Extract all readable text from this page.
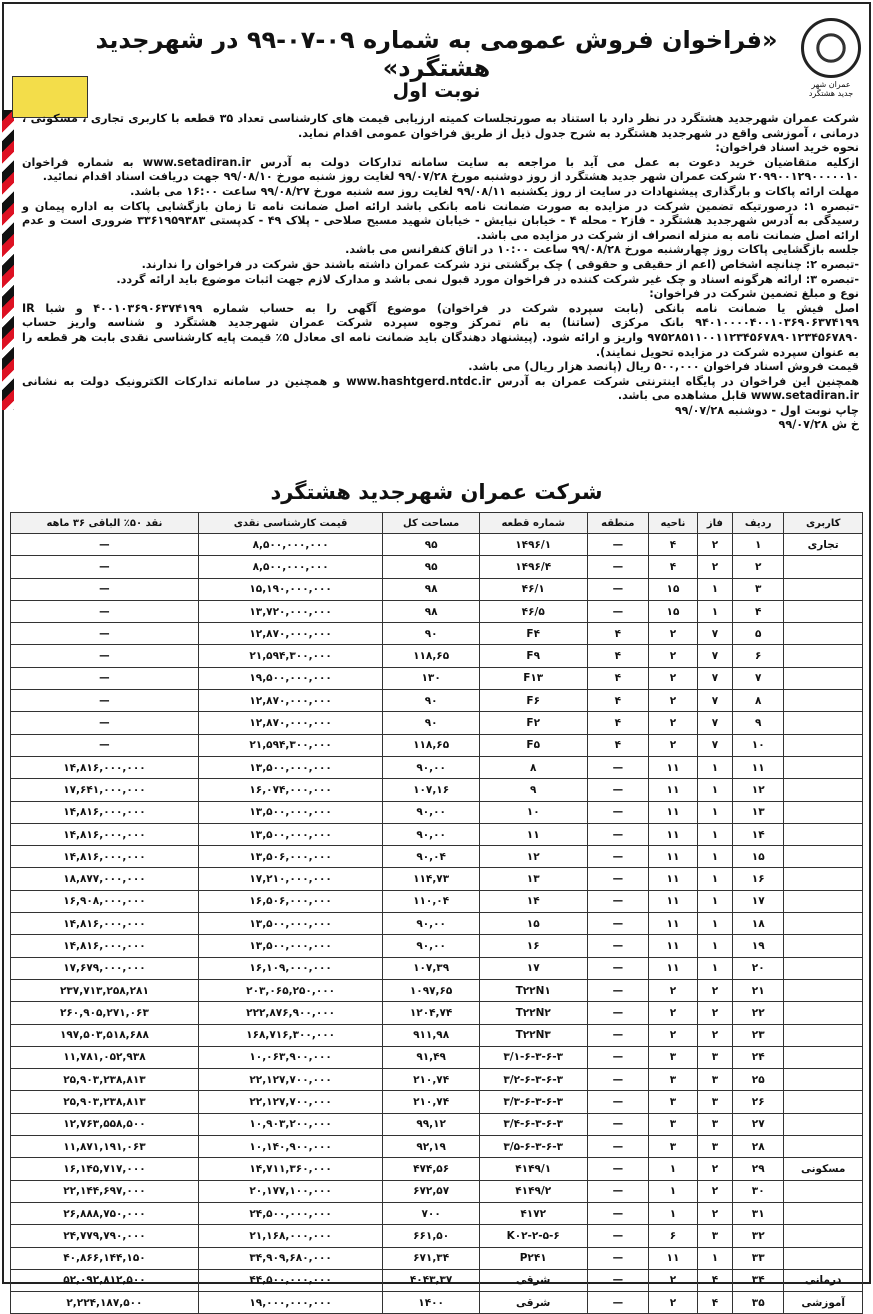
عمران شهر جدید هشتگرد
«فراخوان فروش عمومی به شماره ۰۹-۰۷-۹۹ در شهرجدید هشتگرد»
نوبت اول

شرکت عمران شهرجدید هشتگرد در نظر دارد با استناد به صورتجلسات کمیته ارزیابی قیمت های کارشناسی تعداد ۳۵ قطعه با کاربری تجاری ، مسکونی ، درمانی ، آموزشی واقع در شهرجدید هشتگرد به شرح جدول ذیل از طریق فراخوان عمومی اقدام نماید.

نحوه خرید اسناد فراخوان:

ازکلیه متقاضیان خرید دعوت به عمل می آید با مراجعه به سایت سامانه تدارکات دولت به آدرس www.setadiran.ir به شماره فراخوان ۲۰۹۹۰۰۱۲۹۰۰۰۰۰۱۰ شرکت عمران شهر جدید هشتگرد از روز دوشنبه مورخ ۹۹/۰۷/۲۸ لغایت روز شنبه مورخ ۹۹/۰۸/۱۰ جهت دریافت اسناد اقدام نمائید.

مهلت ارائه پاکات و بارگذاری پیشنهادات در سایت از روز یکشنبه ۹۹/۰۸/۱۱ لغایت روز سه شنبه مورخ ۹۹/۰۸/۲۷ ساعت ۱۶:۰۰ می باشد.

-تبصره ۱: درصورتیکه تضمین شرکت در مزایده به صورت ضمانت نامه بانکی باشد ارائه اصل ضمانت نامه تا زمان بازگشایی پاکات به اداره پیمان و رسیدگی به آدرس شهرجدید هشتگرد - فاز۲ - محله ۴ - خیابان نیایش - خیابان شهید مسیح صلاحی - پلاک ۴۹ - کدپستی ۳۳۶۱۹۵۹۳۸۳ ضروری است و عدم ارائه اصل ضمانت نامه به منزله انصراف از شرکت در مزایده می باشد.

جلسه بازگشایی پاکات روز چهارشنبه مورخ ۹۹/۰۸/۲۸ ساعت ۱۰:۰۰ در اتاق کنفرانس می باشد.

-تبصره ۲: چنانچه اشخاص (اعم از حقیقی و حقوقی ) چک برگشتی نزد شرکت عمران داشته باشند حق شرکت در فراخوان را ندارند.

-تبصره ۳: ارائه هرگونه اسناد و چک غیر شرکت کننده در فراخوان مورد قبول نمی باشد و مدارک لازم جهت اثبات موضوع باید ارائه گردد.

نوع و مبلغ تضمین شرکت در فراخوان:

اصل فیش یا ضمانت نامه بانکی (بابت سپرده شرکت در فراخوان) موضوع آگهی را به حساب شماره ۴۰۰۱۰۳۶۹۰۶۳۷۴۱۹۹ و شبا IR ۹۴۰۱۰۰۰۰۴۰۰۱۰۳۶۹۰۶۳۷۴۱۹۹ بانک مرکزی (ساتنا) به نام تمرکز وجوه سپرده شرکت عمران شهرجدید هشتگرد و شناسه واریز حساب ۹۷۵۲۸۵۱۱۰۰۱۱۲۳۴۵۶۷۸۹۰۱۲۳۴۵۶۷۸۹۰ واریز و ارائه شود. (پیشنهاد دهندگان باید ضمانت نامه ای معادل ۵٪ قیمت پایه کارشناسی نقدی بابت هر قطعه را به عنوان سپرده شرکت در مزایده تحویل نمایند).

قیمت فروش اسناد فراخوان ۵۰۰,۰۰۰ ریال (پانصد هزار ریال) می باشد.

همچنین این فراخوان در پایگاه اینترنتی شرکت عمران به آدرس www.hashtgerd.ntdc.ir و همچنین در سامانه تدارکات الکترونیک دولت به نشانی www.setadiran.ir قابل مشاهده می باشد.

چاپ نوبت اول - دوشنبه ۹۹/۰۷/۲۸

خ ش ۹۹/۰۷/۲۸

شرکت عمران شهرجدید هشتگرد
کاربری	ردیف	فاز	ناحیه	منطقه	شماره قطعه	مساحت کل	قیمت کارشناسی نقدی	نقد ۵۰٪ الباقی ۳۶ ماهه
تجاری	۱	۲	۴	—	۱۴۹۶/۱	۹۵	۸,۵۰۰,۰۰۰,۰۰۰	—
	۲	۲	۴	—	۱۴۹۶/۴	۹۵	۸,۵۰۰,۰۰۰,۰۰۰	—
	۳	۱	۱۵	—	۴۶/۱	۹۸	۱۵,۱۹۰,۰۰۰,۰۰۰	—
	۴	۱	۱۵	—	۴۶/۵	۹۸	۱۳,۷۲۰,۰۰۰,۰۰۰	—
	۵	۷	۲	۴	F۴	۹۰	۱۲,۸۷۰,۰۰۰,۰۰۰	—
	۶	۷	۲	۴	F۹	۱۱۸,۶۵	۲۱,۵۹۴,۳۰۰,۰۰۰	—
	۷	۷	۲	۴	F۱۳	۱۳۰	۱۹,۵۰۰,۰۰۰,۰۰۰	—
	۸	۷	۲	۴	F۶	۹۰	۱۲,۸۷۰,۰۰۰,۰۰۰	—
	۹	۷	۲	۴	F۲	۹۰	۱۲,۸۷۰,۰۰۰,۰۰۰	—
	۱۰	۷	۲	۴	F۵	۱۱۸,۶۵	۲۱,۵۹۴,۳۰۰,۰۰۰	—
	۱۱	۱	۱۱	—	۸	۹۰,۰۰	۱۳,۵۰۰,۰۰۰,۰۰۰	۱۴,۸۱۶,۰۰۰,۰۰۰
	۱۲	۱	۱۱	—	۹	۱۰۷,۱۶	۱۶,۰۷۴,۰۰۰,۰۰۰	۱۷,۶۴۱,۰۰۰,۰۰۰
	۱۳	۱	۱۱	—	۱۰	۹۰,۰۰	۱۳,۵۰۰,۰۰۰,۰۰۰	۱۴,۸۱۶,۰۰۰,۰۰۰
	۱۴	۱	۱۱	—	۱۱	۹۰,۰۰	۱۳,۵۰۰,۰۰۰,۰۰۰	۱۴,۸۱۶,۰۰۰,۰۰۰
	۱۵	۱	۱۱	—	۱۲	۹۰,۰۴	۱۳,۵۰۶,۰۰۰,۰۰۰	۱۴,۸۱۶,۰۰۰,۰۰۰
	۱۶	۱	۱۱	—	۱۳	۱۱۴,۷۳	۱۷,۲۱۰,۰۰۰,۰۰۰	۱۸,۸۷۷,۰۰۰,۰۰۰
	۱۷	۱	۱۱	—	۱۴	۱۱۰,۰۴	۱۶,۵۰۶,۰۰۰,۰۰۰	۱۶,۹۰۸,۰۰۰,۰۰۰
	۱۸	۱	۱۱	—	۱۵	۹۰,۰۰	۱۳,۵۰۰,۰۰۰,۰۰۰	۱۴,۸۱۶,۰۰۰,۰۰۰
	۱۹	۱	۱۱	—	۱۶	۹۰,۰۰	۱۳,۵۰۰,۰۰۰,۰۰۰	۱۴,۸۱۶,۰۰۰,۰۰۰
	۲۰	۱	۱۱	—	۱۷	۱۰۷,۳۹	۱۶,۱۰۹,۰۰۰,۰۰۰	۱۷,۶۷۹,۰۰۰,۰۰۰
	۲۱	۲	۲	—	T۲۲N۱	۱۰۹۷,۶۵	۲۰۳,۰۶۵,۲۵۰,۰۰۰	۲۳۷,۷۱۳,۲۵۸,۲۸۱
	۲۲	۲	۲	—	T۲۲N۲	۱۲۰۴,۷۴	۲۲۲,۸۷۶,۹۰۰,۰۰۰	۲۶۰,۹۰۵,۲۷۱,۰۶۳
	۲۳	۲	۲	—	T۲۲N۳	۹۱۱,۹۸	۱۶۸,۷۱۶,۳۰۰,۰۰۰	۱۹۷,۵۰۳,۵۱۸,۶۸۸
	۲۴	۳	۳	—	۳/۱-۶-۳-۶-۳	۹۱,۴۹	۱۰,۰۶۳,۹۰۰,۰۰۰	۱۱,۷۸۱,۰۵۲,۹۳۸
	۲۵	۳	۳	—	۳/۲-۶-۳-۶-۳	۲۱۰,۷۴	۲۲,۱۲۷,۷۰۰,۰۰۰	۲۵,۹۰۳,۲۳۸,۸۱۳
	۲۶	۳	۳	—	۳/۳-۶-۳-۶-۳	۲۱۰,۷۴	۲۲,۱۲۷,۷۰۰,۰۰۰	۲۵,۹۰۳,۲۳۸,۸۱۳
	۲۷	۳	۳	—	۳/۴-۶-۳-۶-۳	۹۹,۱۲	۱۰,۹۰۳,۲۰۰,۰۰۰	۱۲,۷۶۳,۵۵۸,۵۰۰
	۲۸	۳	۳	—	۳/۵-۶-۳-۶-۳	۹۲,۱۹	۱۰,۱۴۰,۹۰۰,۰۰۰	۱۱,۸۷۱,۱۹۱,۰۶۳
مسکونی	۲۹	۲	۱	—	۴۱۴۹/۱	۴۷۴,۵۶	۱۴,۷۱۱,۳۶۰,۰۰۰	۱۶,۱۴۵,۷۱۷,۰۰۰
	۳۰	۲	۱	—	۴۱۴۹/۲	۶۷۲,۵۷	۲۰,۱۷۷,۱۰۰,۰۰۰	۲۲,۱۴۴,۶۹۷,۰۰۰
	۳۱	۲	۱	—	۴۱۷۲	۷۰۰	۲۴,۵۰۰,۰۰۰,۰۰۰	۲۶,۸۸۸,۷۵۰,۰۰۰
	۳۲	۳	۶	—	K۰۲-۲-۵-۶	۶۶۱,۵۰	۲۱,۱۶۸,۰۰۰,۰۰۰	۲۴,۷۷۹,۷۹۰,۰۰۰
	۳۳	۱	۱۱	—	P۲۴۱	۶۷۱,۳۴	۳۴,۹۰۹,۶۸۰,۰۰۰	۴۰,۸۶۶,۱۴۴,۱۵۰
درمانی	۳۴	۴	۲	—	شرقی	۴۰۴۳,۳۷	۴۴,۵۰۰,۰۰۰,۰۰۰	۵۲,۰۹۲,۸۱۲,۵۰۰
آموزشی	۳۵	۴	۲	—	شرقی	۱۴۰۰	۱۹,۰۰۰,۰۰۰,۰۰۰	۲,۲۲۴,۱۸۷,۵۰۰
